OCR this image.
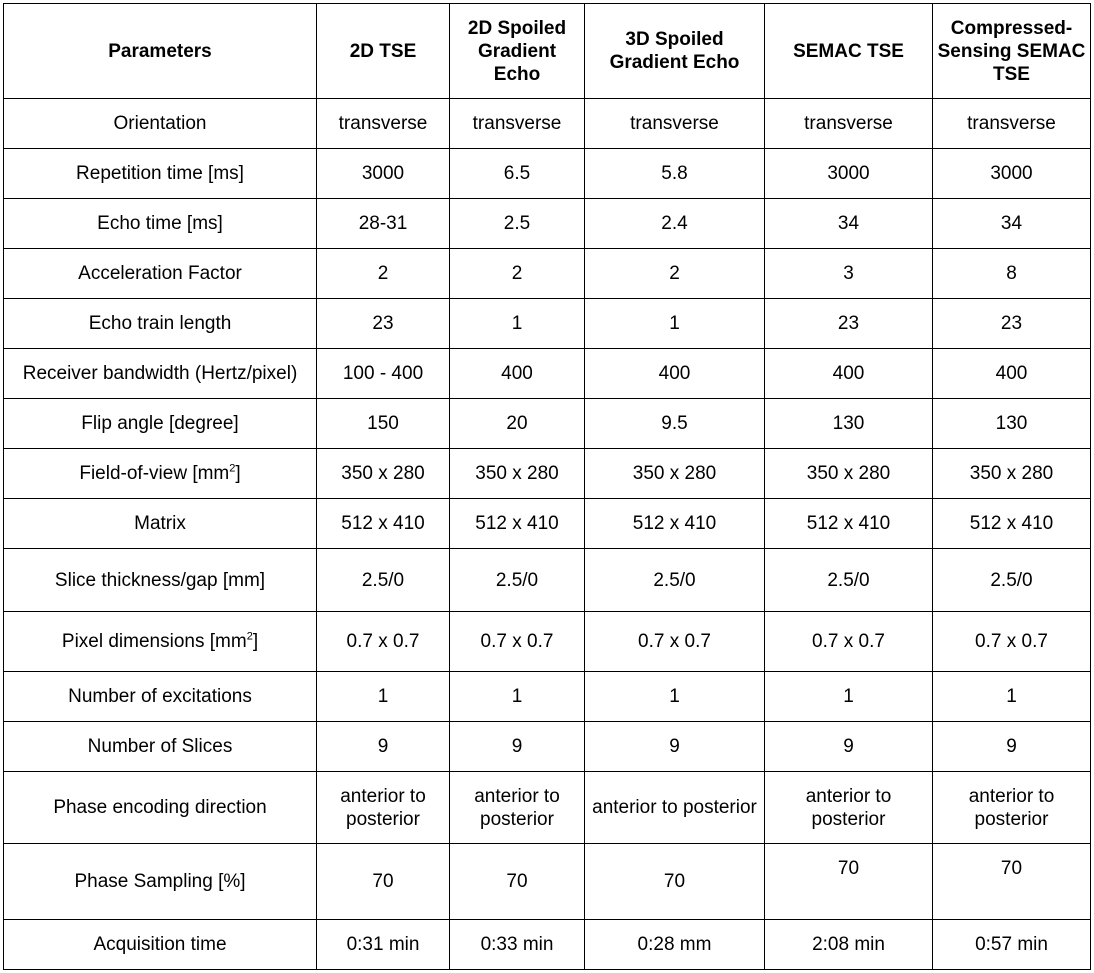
Parameters	2D TSE	2D Spoiled Gradient Echo	3D Spoiled Gradient Echo	SEMAC TSE	Compressed-Sensing SEMAC TSE
Orientation	transverse	transverse	transverse	transverse	transverse
Repetition time [ms]	3000	6.5	5.8	3000	3000
Echo time [ms]	28-31	2.5	2.4	34	34
Acceleration Factor	2	2	2	3	8
Echo train length	23	1	1	23	23
Receiver bandwidth (Hertz/pixel)	100 - 400	400	400	400	400
Flip angle [degree]	150	20	9.5	130	130
Field-of-view $[mm^2]$	350 x 280	350 x 280	350 x 280	350 x 280	350 x 280
Matrix	512 x 410	512 x 410	512 x 410	512 x 410	512 x 410
Slice thickness/gap [mm]	2.5/0	2.5/0	2.5/0	2.5/0	2.5/0
Pixel dimensions $[mm^2]$	0.7 x 0.7	0.7 x 0.7	0.7 x 0.7	0.7 x 0.7	0.7 x 0.7
Number of excitations	1	1	1	1	1
Number of Slices	9	9	9	9	9
Phase encoding direction	anterior to posterior	anterior to posterior	anterior to posterior	anterior to posterior	anterior to posterior
Phase Sampling [%]	70	70	70	70	70
Acquisition time	0:31 min	0:33 min	0:28 mm	2:08 min	0:57 min
